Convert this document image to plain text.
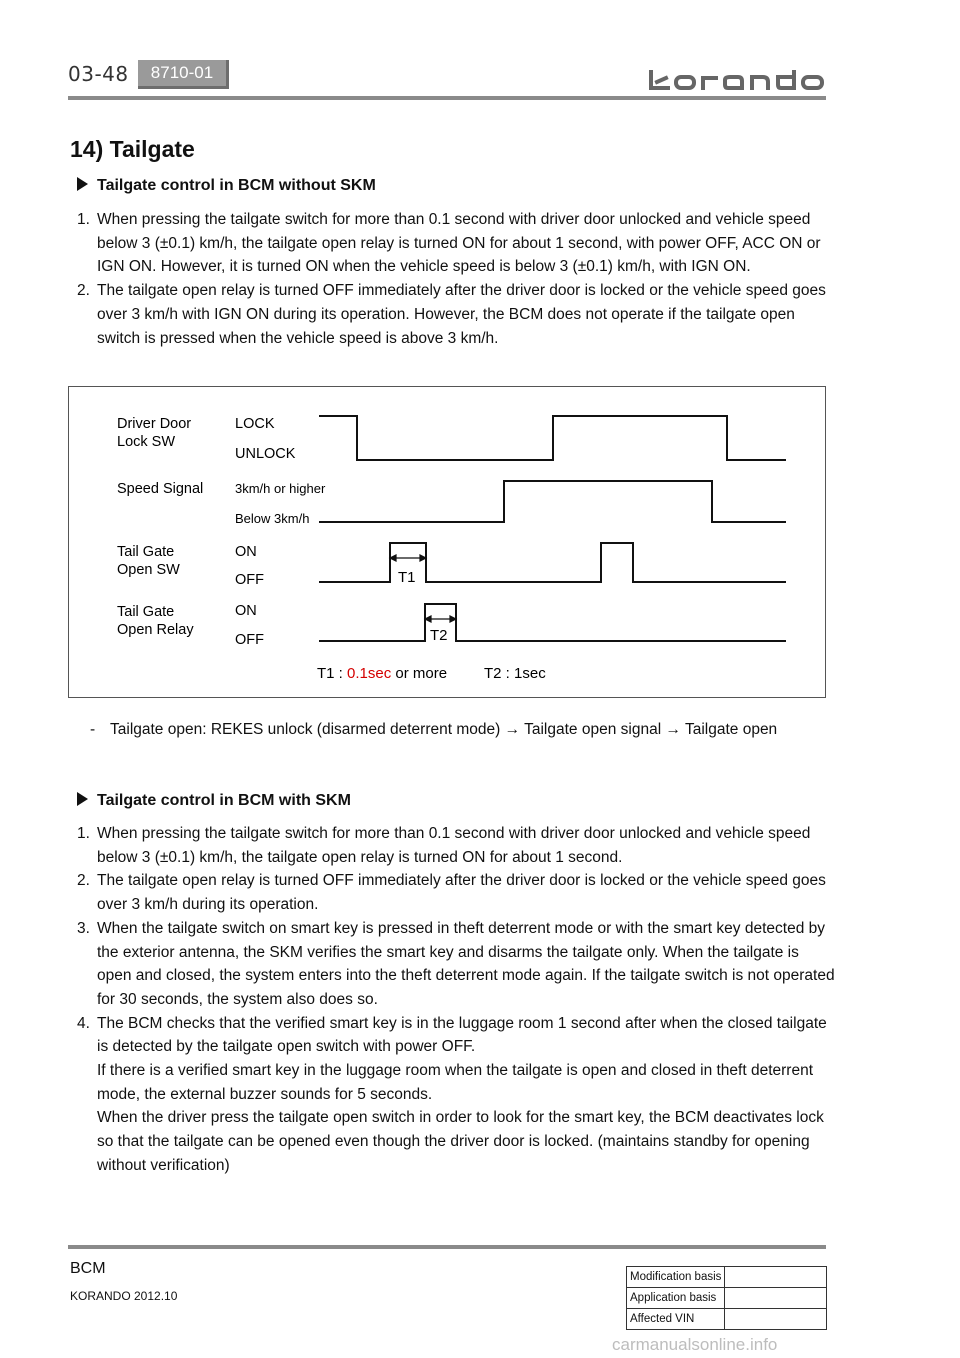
03-48	8710-01
14) Tailgate
Tailgate control in BCM without SKM
1. When pressing the tailgate switch for more than 0.1 second with driver door unlocked and vehicle speed below 3 (±0.1) km/h, the tailgate open relay is turned ON for about 1 second, with power OFF, ACC ON or IGN ON. However, it is turned ON when the vehicle speed is below 3 (±0.1) km/h, with IGN ON.
2. The tailgate open relay is turned OFF immediately after the driver door is locked or the vehicle speed goes over 3 km/h with IGN ON during its operation. However, the BCM does not operate if the tailgate open switch is pressed when the vehicle speed is above 3 km/h.
Driver Door
Lock SW
Speed Signal
Tail Gate
Open SW
Tail Gate
Open Relay
LOCK
UNLOCK
3km/h or higher
Below 3km/h
ON
OFF
ON
OFF
T1
T2
T1 : 0.1sec or more T2 : 1sec
- Tailgate open: REKES unlock (disarmed deterrent mode) → Tailgate open signal → Tailgate open
Tailgate control in BCM with SKM
1. When pressing the tailgate switch for more than 0.1 second with driver door unlocked and vehicle speed below 3 (±0.1) km/h, the tailgate open relay is turned ON for about 1 second.
2. The tailgate open relay is turned OFF immediately after the driver door is locked or the vehicle speed goes over 3 km/h during its operation.
3. When the tailgate switch on smart key is pressed in theft deterrent mode or with the smart key detected by the exterior antenna, the SKM verifies the smart key and disarms the tailgate only. When the tailgate is open and closed, the system enters into the theft deterrent mode again. If the tailgate switch is not operated for 30 seconds, the system also does so.
4. The BCM checks that the verified smart key is in the luggage room 1 second after when the closed tailgate is detected by the tailgate open switch with power OFF.
If there is a verified smart key in the luggage room when the tailgate is open and closed in theft deterrent mode, the external buzzer sounds for 5 seconds.
When the driver press the tailgate open switch in order to look for the smart key, the BCM deactivates lock so that the tailgate can be opened even though the driver door is locked. (maintains standby for opening without verification)
BCM
KORANDO 2012.10
Modification basis	
Application basis	
Affected VIN	
carmanualsonline.info
